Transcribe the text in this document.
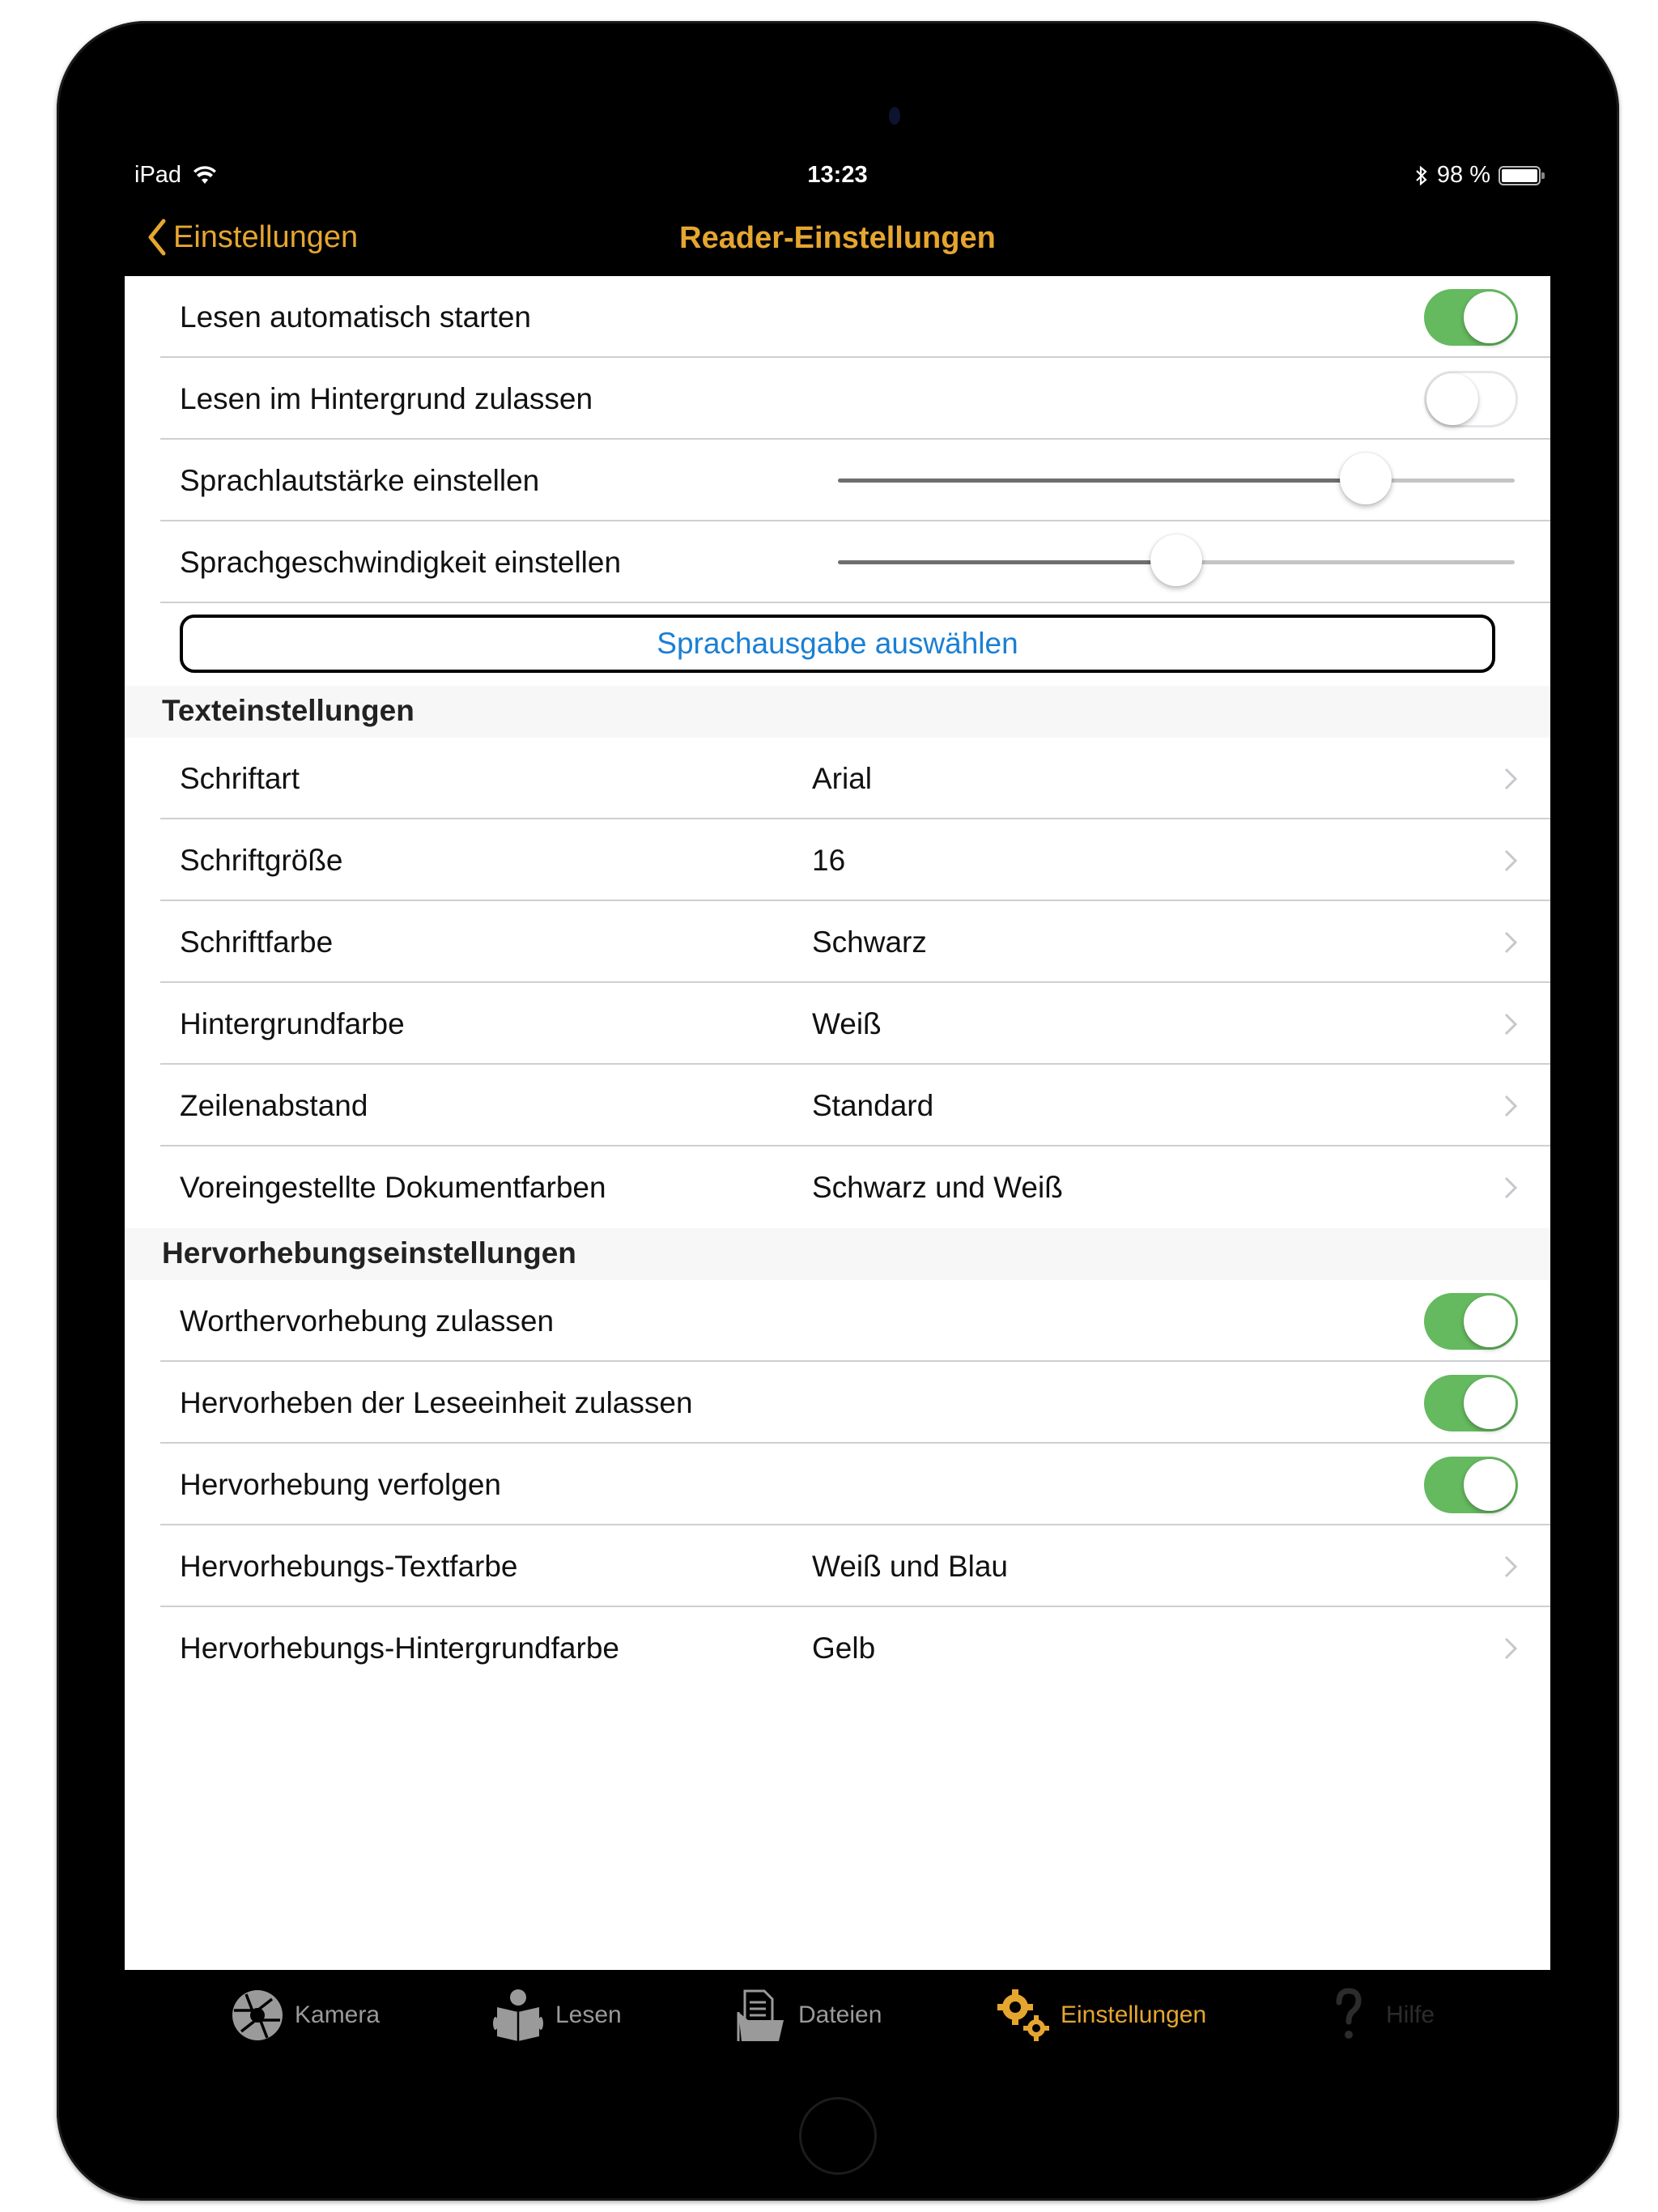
iPad	13:23	98 %
Einstellungen	Reader-Einstellungen
Lesen automatisch starten
Lesen im Hintergrund zulassen
Sprachlautstärke einstellen
Sprachgeschwindigkeit einstellen
Sprachausgabe auswählen
Texteinstellungen
Schriftart	Arial
Schriftgröße	16
Schriftfarbe	Schwarz
Hintergrundfarbe	Weiß
Zeilenabstand	Standard
Voreingestellte Dokumentfarben	Schwarz und Weiß
Hervorhebungseinstellungen
Worthervorhebung zulassen
Hervorheben der Leseeinheit zulassen
Hervorhebung verfolgen
Hervorhebungs-Textfarbe	Weiß und Blau
Hervorhebungs-Hintergrundfarbe	Gelb
Kamera	Lesen	Dateien	Einstellungen	Hilfe
